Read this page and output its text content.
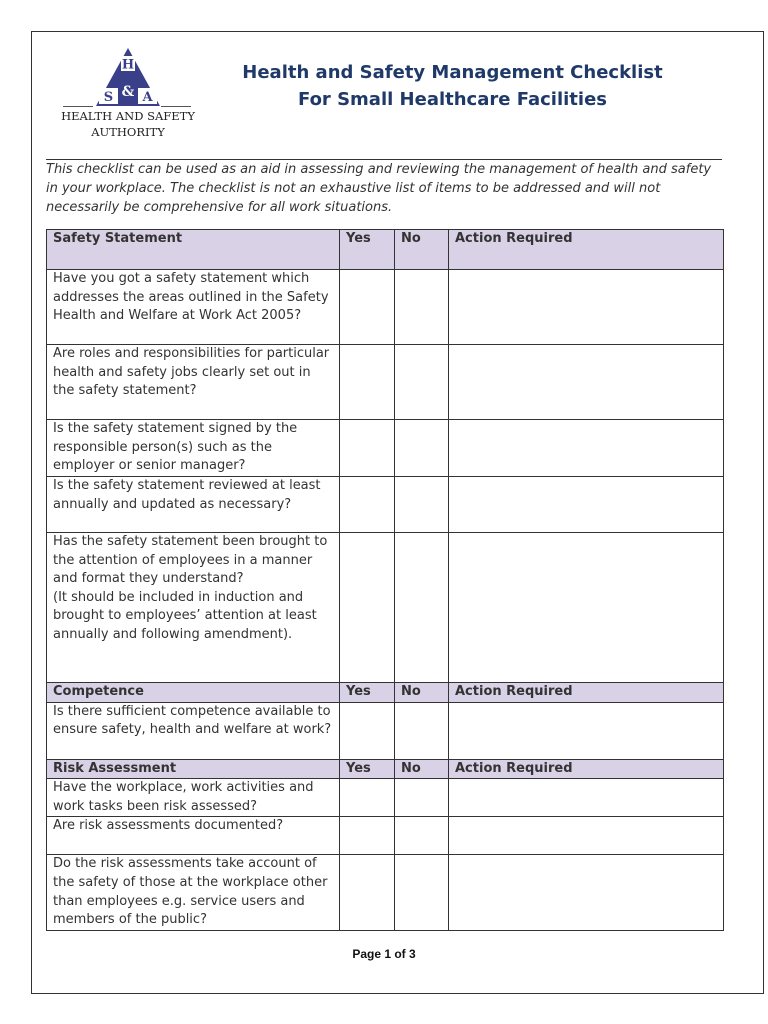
H
S & A
HEALTH AND SAFETY
AUTHORITY
Health and Safety Management Checklist
For Small Healthcare Facilities
This checklist can be used as an aid in assessing and reviewing the management of health and safety in your workplace. The checklist is not an exhaustive list of items to be addressed and will not necessarily be comprehensive for all work situations.
Safety Statement	Yes	No	Action Required
Have you got a safety statement which addresses the areas outlined in the Safety Health and Welfare at Work Act 2005?			
Are roles and responsibilities for particular health and safety jobs clearly set out in the safety statement?			
Is the safety statement signed by the responsible person(s) such as the employer or senior manager?			
Is the safety statement reviewed at least annually and updated as necessary?			
Has the safety statement been brought to the attention of employees in a manner and format they understand?
(It should be included in induction and brought to employees’ attention at least annually and following amendment).			
Competence	Yes	No	Action Required
Is there sufficient competence available to ensure safety, health and welfare at work?			
Risk Assessment	Yes	No	Action Required
Have the workplace, work activities and work tasks been risk assessed?			
Are risk assessments documented?			
Do the risk assessments take account of the safety of those at the workplace other than employees e.g. service users and members of the public?			
Page 1 of 3
